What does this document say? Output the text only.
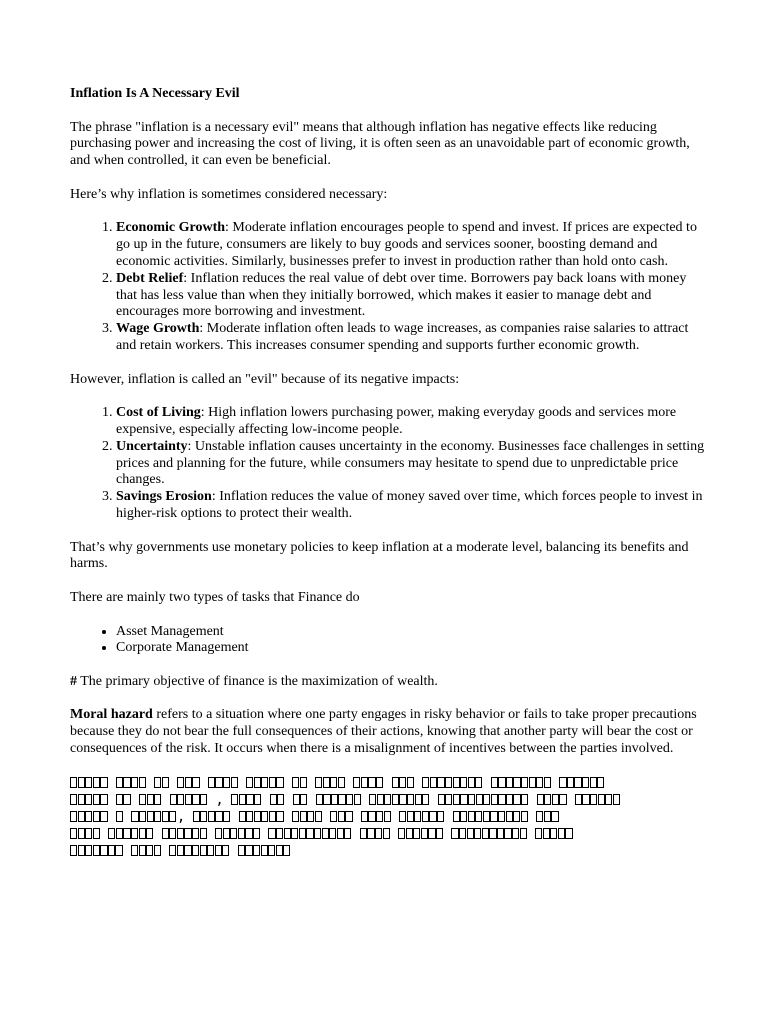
Inflation Is A Necessary Evil

The phrase "inflation is a necessary evil" means that although inflation has negative effects like reducing purchasing power and increasing the cost of living, it is often seen as an unavoidable part of economic growth, and when controlled, it can even be beneficial.

Here’s why inflation is sometimes considered necessary:

1. Economic Growth: Moderate inflation encourages people to spend and invest. If prices are expected to go up in the future, consumers are likely to buy goods and services sooner, boosting demand and economic activities. Similarly, businesses prefer to invest in production rather than hold onto cash.
2. Debt Relief: Inflation reduces the real value of debt over time. Borrowers pay back loans with money that has less value than when they initially borrowed, which makes it easier to manage debt and encourages more borrowing and investment.
3. Wage Growth: Moderate inflation often leads to wage increases, as companies raise salaries to attract and retain workers. This increases consumer spending and supports further economic growth.

However, inflation is called an "evil" because of its negative impacts:

1. Cost of Living: High inflation lowers purchasing power, making everyday goods and services more expensive, especially affecting low-income people.
2. Uncertainty: Unstable inflation causes uncertainty in the economy. Businesses face challenges in setting prices and planning for the future, while consumers may hesitate to spend due to unpredictable price changes.
3. Savings Erosion: Inflation reduces the value of money saved over time, which forces people to invest in higher-risk options to protect their wealth.

That’s why governments use monetary policies to keep inflation at a moderate level, balancing its benefits and harms.

There are mainly two types of tasks that Finance do

• Asset Management
• Corporate Management

# The primary objective of finance is the maximization of wealth.

Moral hazard refers to a situation where one party engages in risky behavior or fails to take proper precautions because they do not bear the full consequences of their actions, knowing that another party will bear the cost or consequences of the risk. It occurs when there is a misalignment of incentives between the parties involved.

,
,
